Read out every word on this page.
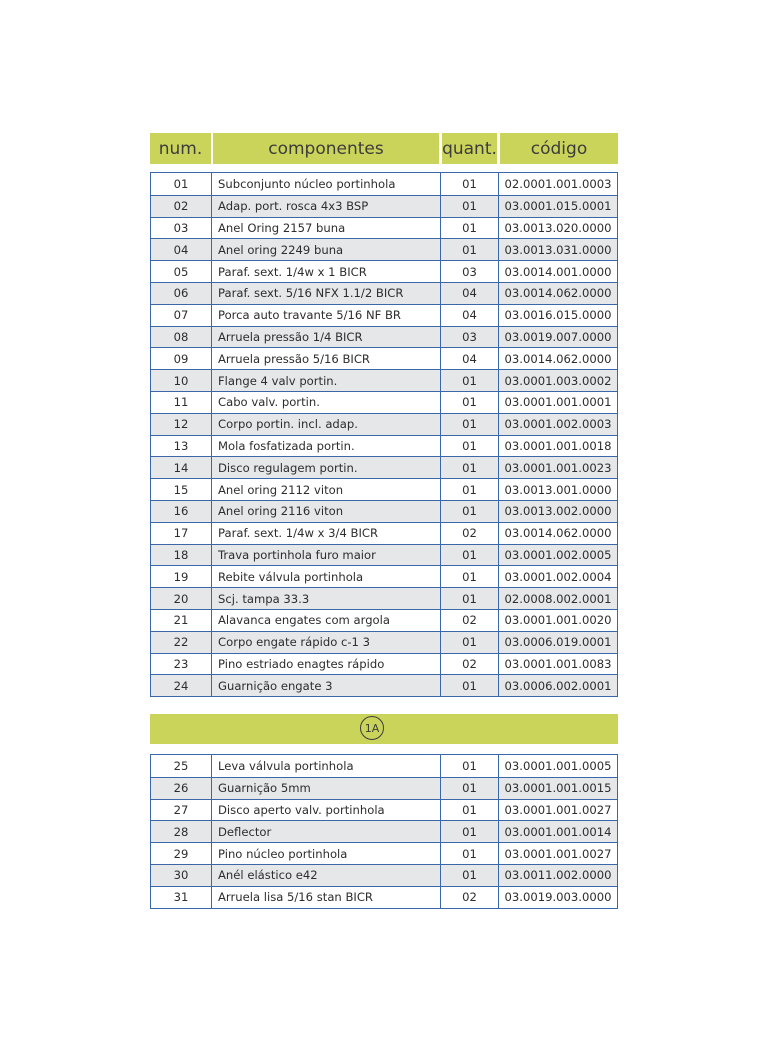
num.	componentes	quant.	código
01	Subconjunto núcleo portinhola	01	02.0001.001.0003
02	Adap. port. rosca 4x3 BSP	01	03.0001.015.0001
03	Anel Oring 2157 buna	01	03.0013.020.0000
04	Anel oring 2249 buna	01	03.0013.031.0000
05	Paraf. sext. 1/4w x 1 BICR	03	03.0014.001.0000
06	Paraf. sext. 5/16 NFX 1.1/2 BICR	04	03.0014.062.0000
07	Porca auto travante 5/16 NF BR	04	03.0016.015.0000
08	Arruela pressão 1/4 BICR	03	03.0019.007.0000
09	Arruela pressão 5/16 BICR	04	03.0014.062.0000
10	Flange 4 valv portin.	01	03.0001.003.0002
11	Cabo valv. portin.	01	03.0001.001.0001
12	Corpo portin. incl. adap.	01	03.0001.002.0003
13	Mola fosfatizada portin.	01	03.0001.001.0018
14	Disco regulagem portin.	01	03.0001.001.0023
15	Anel oring 2112 viton	01	03.0013.001.0000
16	Anel oring 2116 viton	01	03.0013.002.0000
17	Paraf. sext. 1/4w x 3/4 BICR	02	03.0014.062.0000
18	Trava portinhola furo maior	01	03.0001.002.0005
19	Rebite válvula portinhola	01	03.0001.002.0004
20	Scj. tampa 33.3	01	02.0008.002.0001
21	Alavanca engates com argola	02	03.0001.001.0020
22	Corpo engate rápido c-1 3	01	03.0006.019.0001
23	Pino estriado enagtes rápido	02	03.0001.001.0083
24	Guarnição engate 3	01	03.0006.002.0001
1A
25	Leva válvula portinhola	01	03.0001.001.0005
26	Guarnição 5mm	01	03.0001.001.0015
27	Disco aperto valv. portinhola	01	03.0001.001.0027
28	Deflector	01	03.0001.001.0014
29	Pino núcleo portinhola	01	03.0001.001.0027
30	Anél elástico e42	01	03.0011.002.0000
31	Arruela lisa 5/16 stan BICR	02	03.0019.003.0000
